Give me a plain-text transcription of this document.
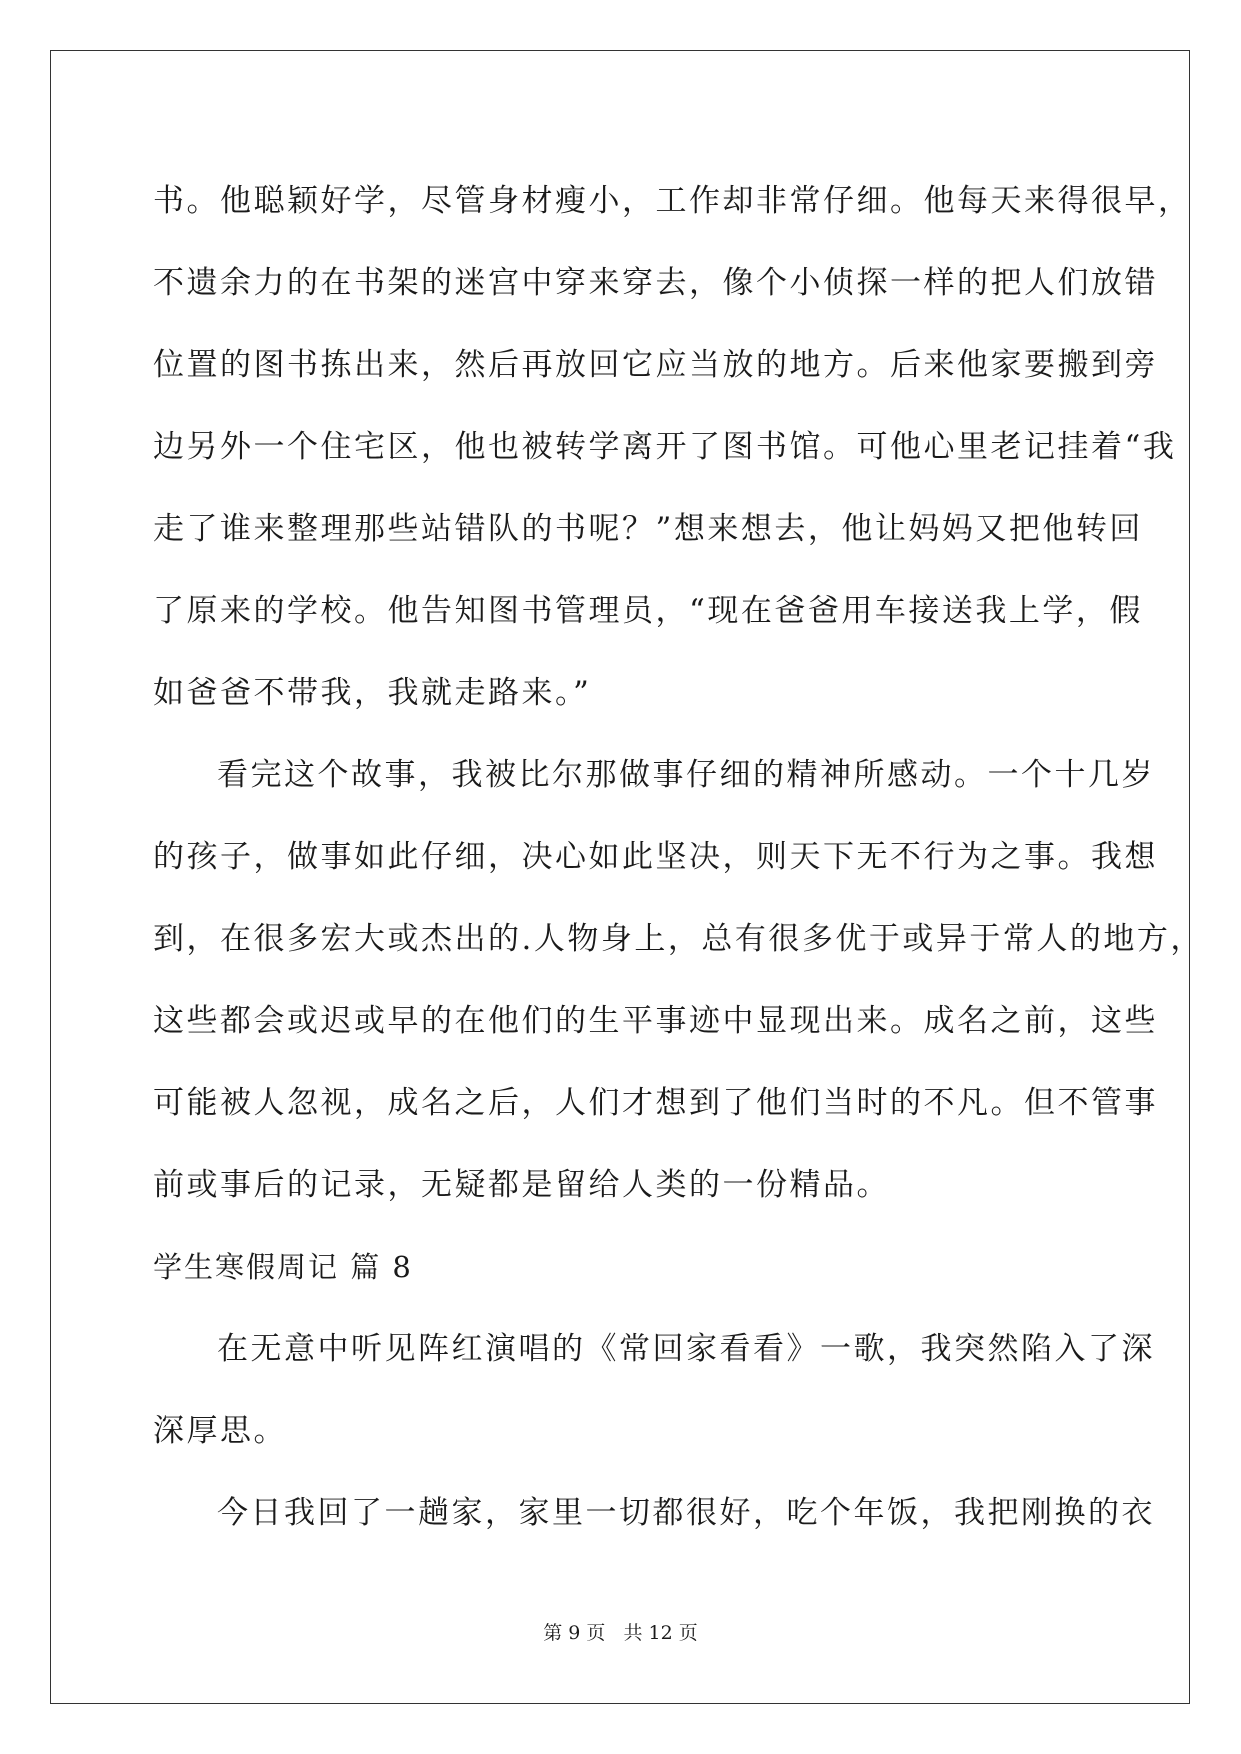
书。他聪颖好学，尽管身材瘦小，工作却非常仔细。他每天来得很早，
不遗余力的在书架的迷宫中穿来穿去，像个小侦探一样的把人们放错
位置的图书拣出来，然后再放回它应当放的地方。后来他家要搬到旁
边另外一个住宅区，他也被转学离开了图书馆。可他心里老记挂着“我
走了谁来整理那些站错队的书呢？”想来想去，他让妈妈又把他转回
了原来的学校。他告知图书管理员，“现在爸爸用车接送我上学，假
如爸爸不带我，我就走路来。”
看完这个故事，我被比尔那做事仔细的精神所感动。一个十几岁
的孩子，做事如此仔细，决心如此坚决，则天下无不行为之事。我想
到，在很多宏大或杰出的.人物身上，总有很多优于或异于常人的地方，
这些都会或迟或早的在他们的生平事迹中显现出来。成名之前，这些
可能被人忽视，成名之后，人们才想到了他们当时的不凡。但不管事
前或事后的记录，无疑都是留给人类的一份精品。
学生寒假周记 篇 8
在无意中听见阵红演唱的《常回家看看》一歌，我突然陷入了深
深厚思。
今日我回了一趟家，家里一切都很好，吃个年饭，我把刚换的衣
第 9 页 共 12 页
